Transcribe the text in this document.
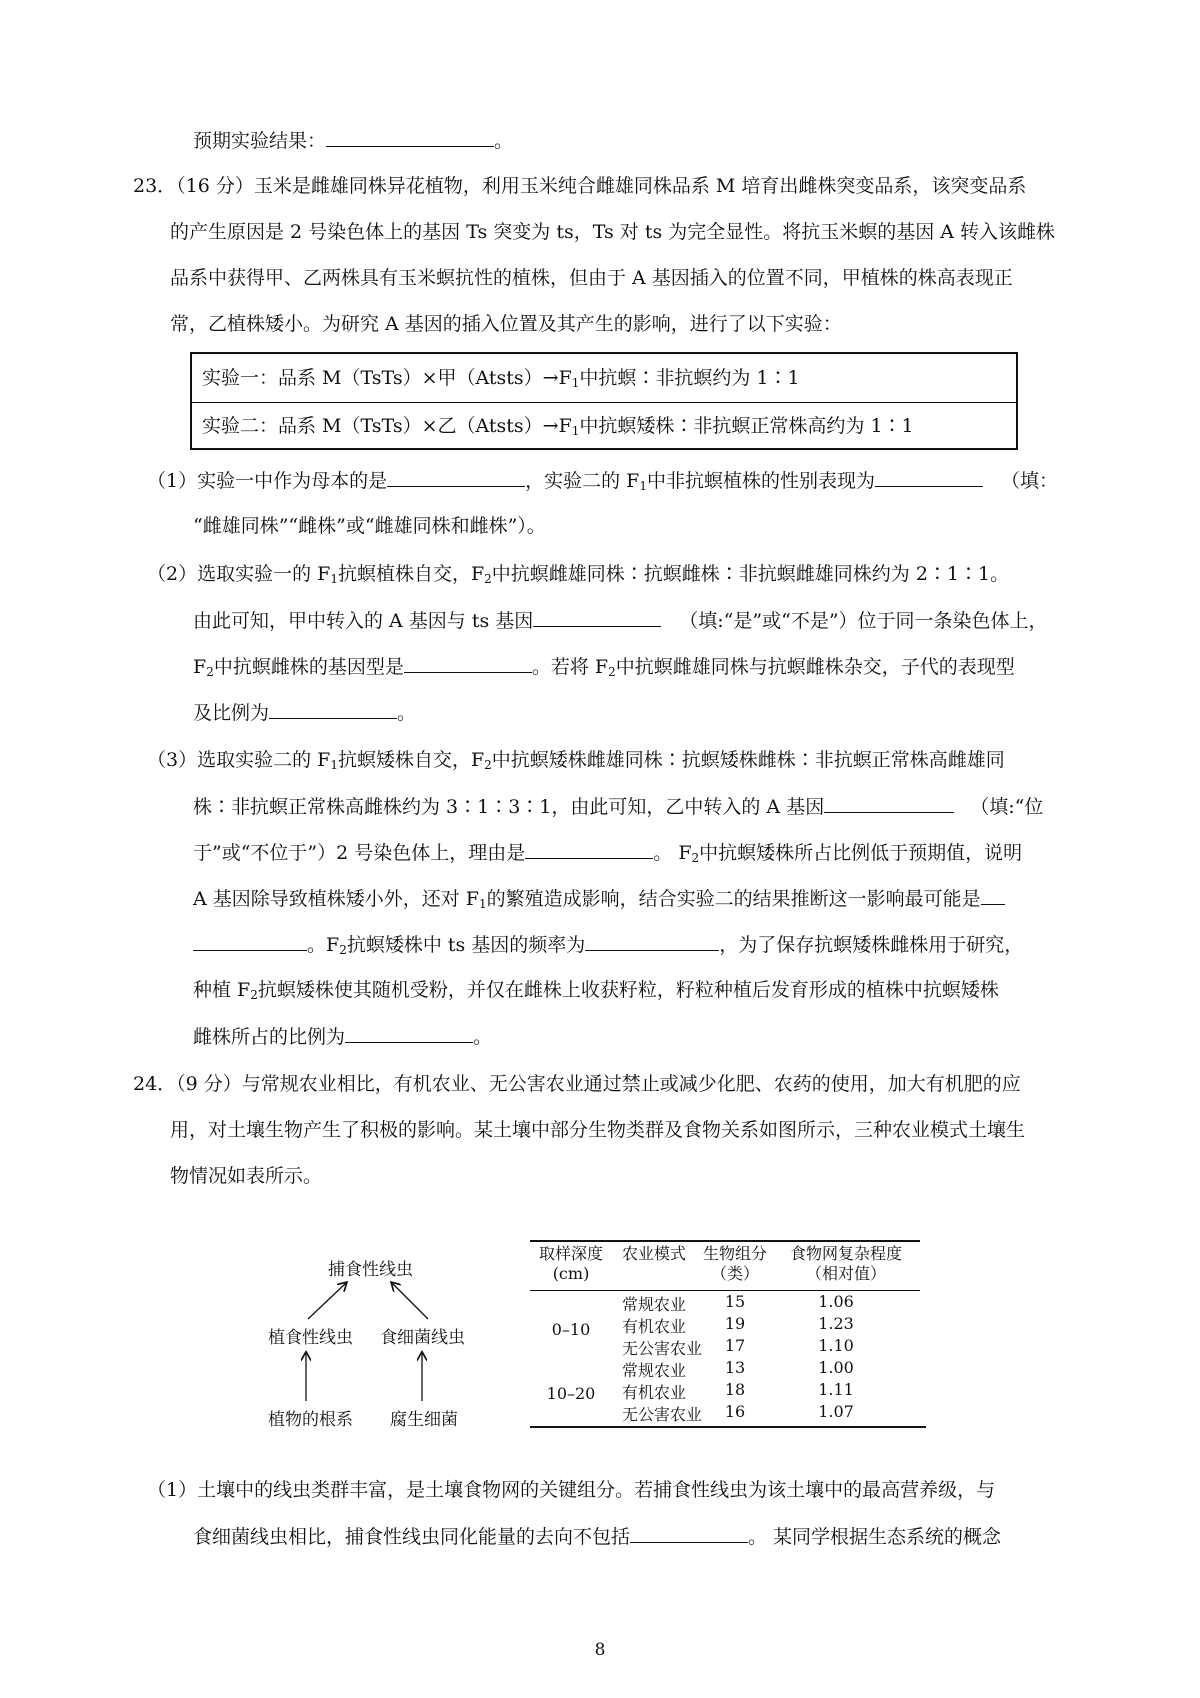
预期实验结果：	。
23．（16 分）玉米是雌雄同株异花植物，利用玉米纯合雌雄同株品系 M 培育出雌株突变品系，该突变品系
的产生原因是 2 号染色体上的基因 Ts 突变为 ts，Ts 对 ts 为完全显性。将抗玉米螟的基因 A 转入该雌株
品系中获得甲、乙两株具有玉米螟抗性的植株，但由于 A 基因插入的位置不同，甲植株的株高表现正
常，乙植株矮小。为研究 A 基因的插入位置及其产生的影响，进行了以下实验：
实验一：品系 M（TsTs）×甲$(Atsts)\to F_1$中抗螟∶非抗螟约为 1∶1
实验二：品系 M（TsTs）×乙$(Atsts)\to F_1$中抗螟矮株∶非抗螟正常株高约为 1∶1
（1）实验一中作为母本的是	，实验二的 $F_1$中非抗螟植株的性别表现为	（填：
“雌雄同株”“雌株”或“雌雄同株和雌株”）。
（2）选取实验一的 $F_1$抗螟植株自交，$F_2$中抗螟雌雄同株∶抗螟雌株∶非抗螟雌雄同株约为 2∶1∶1。
由此可知，甲中转入的 A 基因与 ts 基因	（填:“是”或“不是”）位于同一条染色体上，
$F_2$中抗螟雌株的基因型是	。若将 $F_2$中抗螟雌雄同株与抗螟雌株杂交，子代的表现型
及比例为	。
（3）选取实验二的 $F_1$抗螟矮株自交，$F_2$中抗螟矮株雌雄同株∶抗螟矮株雌株∶非抗螟正常株高雌雄同
株∶非抗螟正常株高雌株约为 3∶1∶3∶1，由此可知，乙中转入的 A 基因	（填:“位
于”或“不位于”）2 号染色体上，理由是	。 $F_2$中抗螟矮株所占比例低于预期值，说明
A 基因除导致植株矮小外，还对 $F_1$的繁殖造成影响，结合实验二的结果推断这一影响最可能是
。$F_2$抗螟矮株中 ts 基因的频率为	，为了保存抗螟矮株雌株用于研究，
种植 $F_2$抗螟矮株使其随机受粉，并仅在雌株上收获籽粒，籽粒种植后发育形成的植株中抗螟矮株
雌株所占的比例为	。
24．（9 分）与常规农业相比，有机农业、无公害农业通过禁止或减少化肥、农药的使用，加大有机肥的应
用，对土壤生物产生了积极的影响。某土壤中部分生物类群及食物关系如图所示，三种农业模式土壤生
物情况如表所示。
捕食性线虫
植食性线虫 食细菌线虫
植物的根系 腐生细菌
取样深度
(cm)
农业模式	生物组分
（类）
食物网复杂程度
（相对值）
0–10
常规农业	15	1.06
有机农业	19	1.23
无公害农业	17	1.10
10–20
常规农业	13	1.00
有机农业	18	1.11
无公害农业	16	1.07
（1）土壤中的线虫类群丰富，是土壤食物网的关键组分。若捕食性线虫为该土壤中的最高营养级，与
食细菌线虫相比，捕食性线虫同化能量的去向不包括	。 某同学根据生态系统的概念
8
